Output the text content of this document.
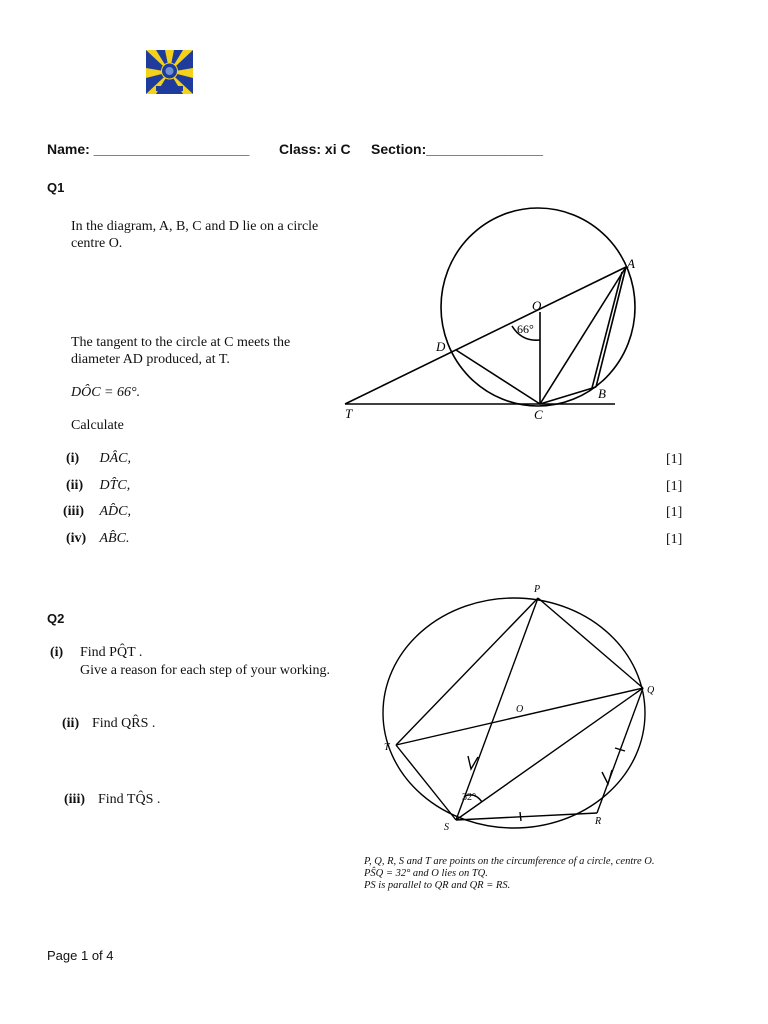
Name: ____________________ Class: xi C Section:_______________
Q1
In the diagram, A, B, C and D lie on a circle
centre O.
The tangent to the circle at C meets the
diameter AD produced, at T.
DÔC = 66°.
Calculate
(i) DÂC,
(ii) DT̂C,
(iii) AD̂C,
(iv) AB̂C.
[1]
[1]
[1]
[1]
A
B
C
D
O
T
66°
Q2
(i) Find PQ̂T .
Give a reason for each step of your working.
(ii) Find QR̂S .
(iii) Find TQ̂S .
P
Q
R
S
T
O
32°
P, Q, R, S and T are points on the circumference of a circle, centre O.
PŜQ = 32° and O lies on TQ.
PS is parallel to QR and QR = RS.
Page 1 of 4
